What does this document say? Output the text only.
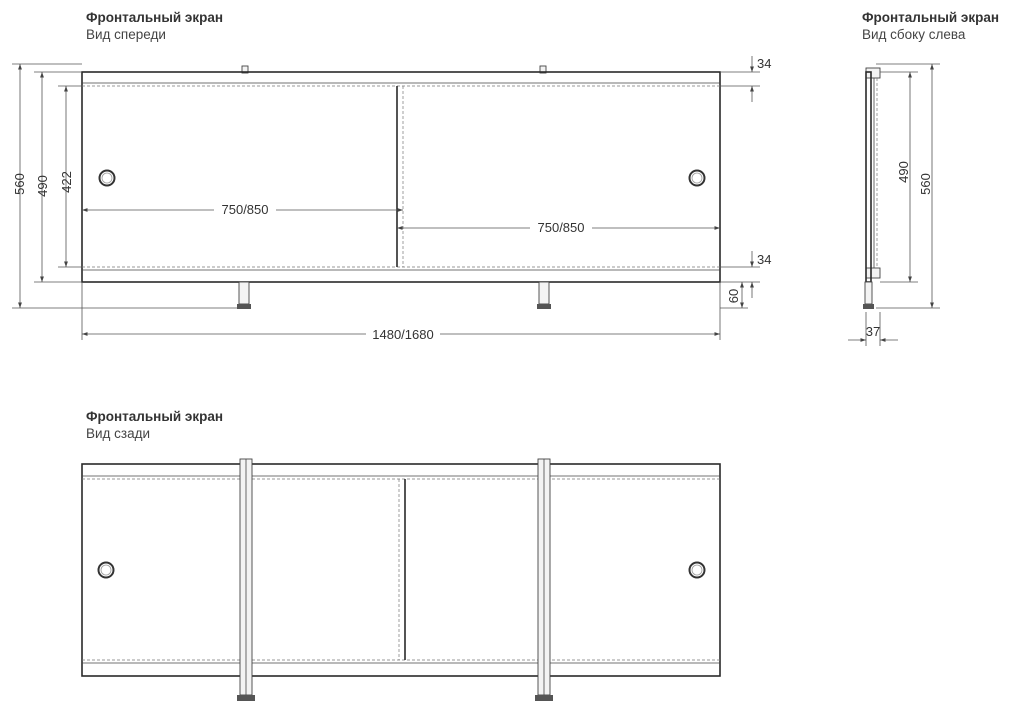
Фронтальный экран
Вид спереди
Фронтальный экран
Вид сбоку слева
Фронтальный экран
Вид сзади
560 490 422
750/850
750/850
1480/1680
34
34
60
490
560
37
